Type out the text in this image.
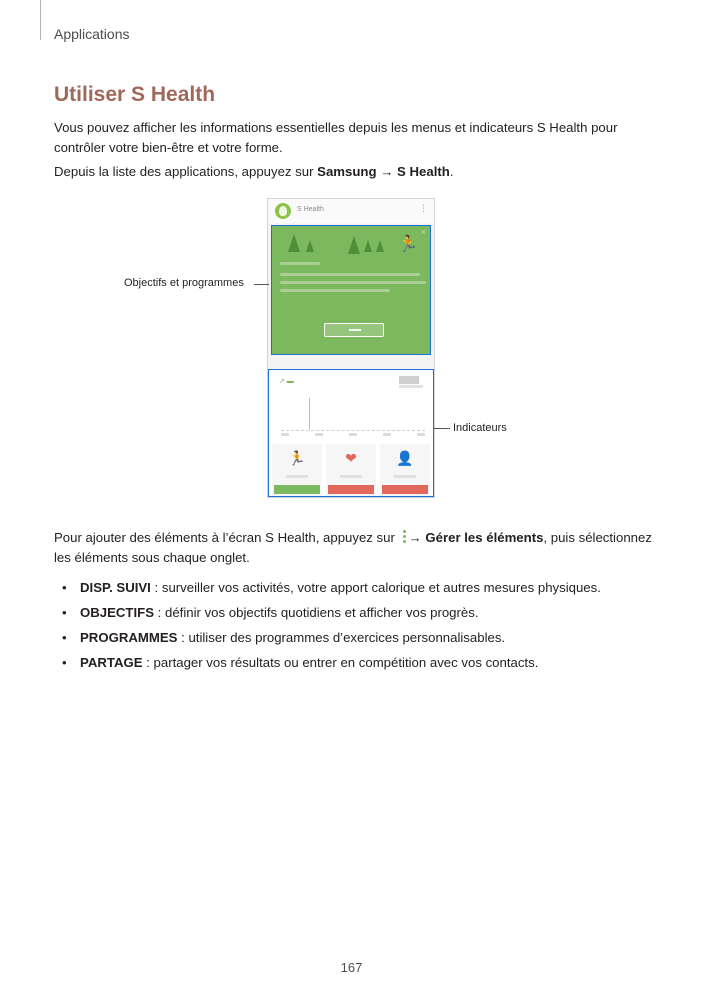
Applications
Utiliser S Health

Vous pouvez afficher les informations essentielles depuis les menus et indicateurs S Health pour contrôler votre bien-être et votre forme.

Depuis la liste des applications, appuyez sur Samsung → S Health.

S Health	⋮
✕
🏃
➚ ▬
🏃	❤	👤
Objectifs et programmes
Indicateurs

Pour ajouter des éléments à l’écran S Health, appuyez sur
→ Gérer les éléments, puis sélectionnez les éléments sous chaque onglet.

• DISP. SUIVI : surveiller vos activités, votre apport calorique et autres mesures physiques.
• OBJECTIFS : définir vos objectifs quotidiens et afficher vos progrès.
• PROGRAMMES : utiliser des programmes d’exercices personnalisables.
• PARTAGE : partager vos résultats ou entrer en compétition avec vos contacts.
167
